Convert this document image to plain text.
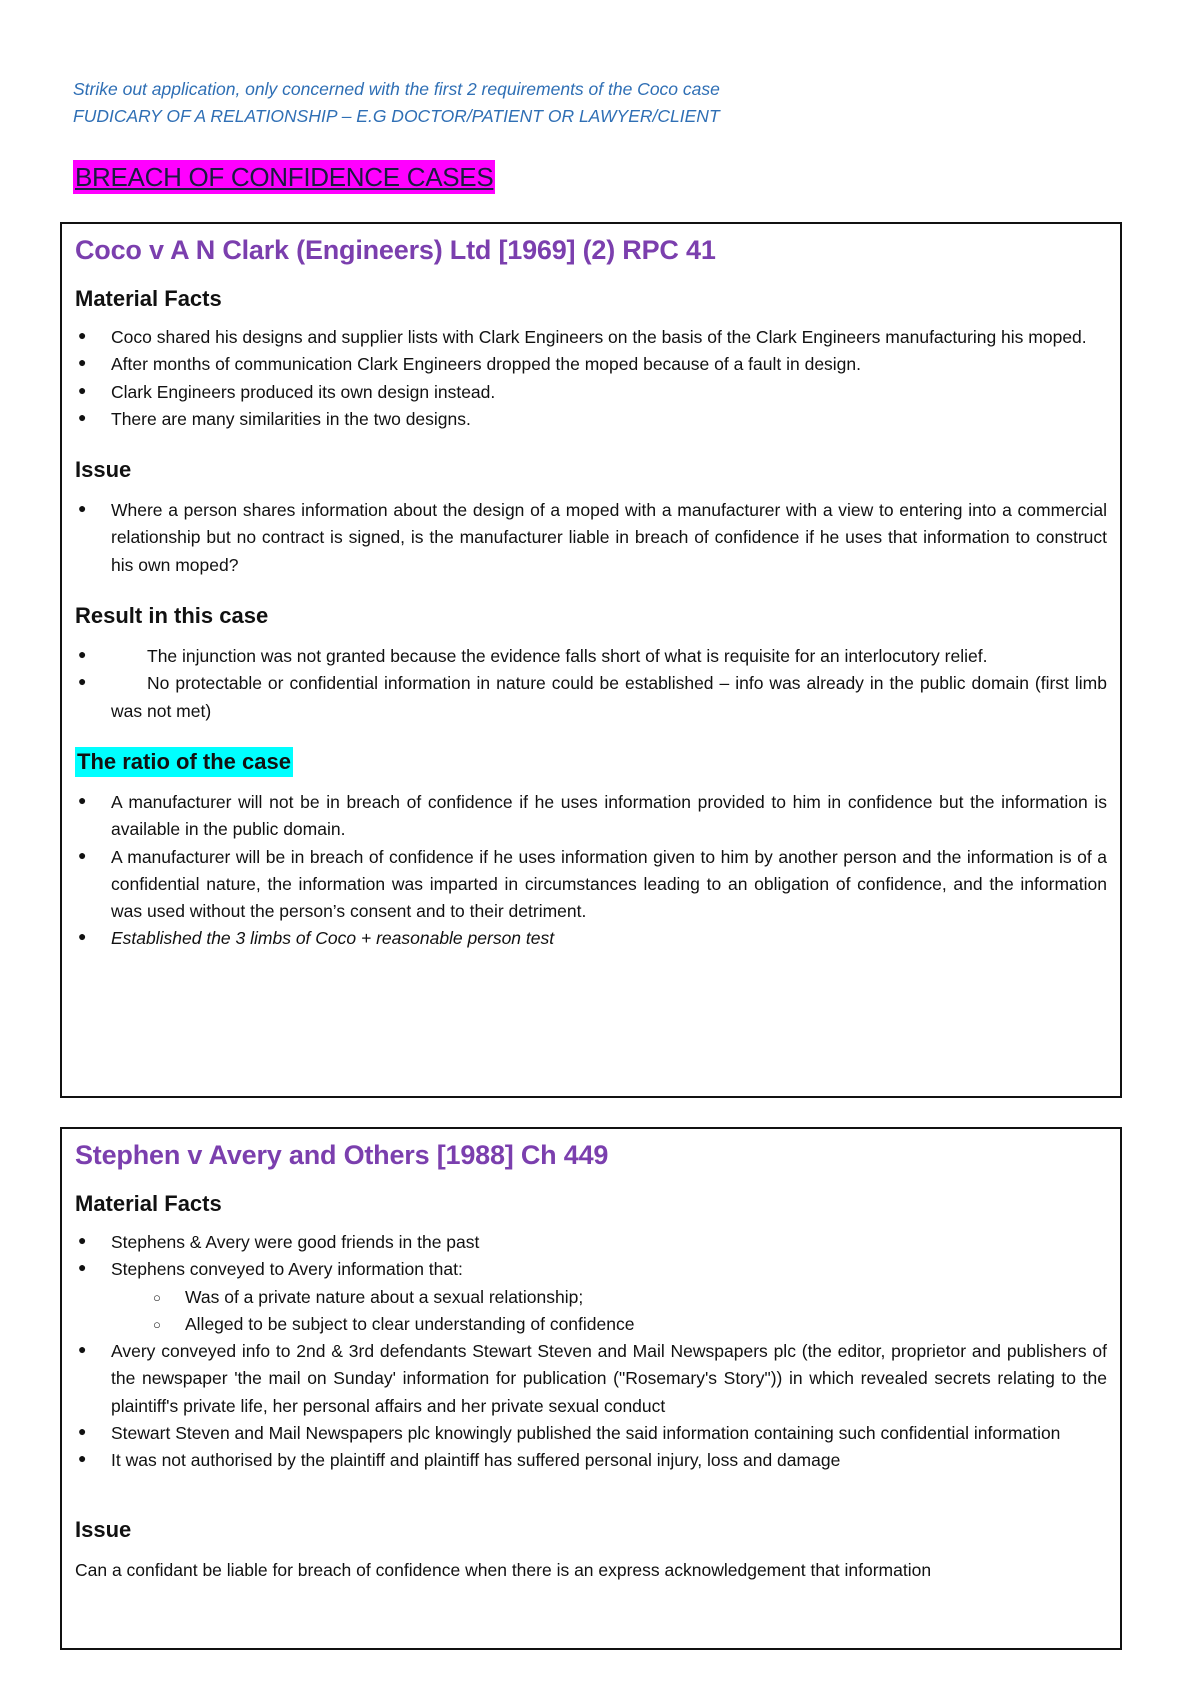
Strike out application, only concerned with the first 2 requirements of the Coco case
FUDICARY OF A RELATIONSHIP – E.G DOCTOR/PATIENT OR LAWYER/CLIENT
BREACH OF CONFIDENCE CASES
Coco v A N Clark (Engineers) Ltd [1969] (2) RPC 41
Material Facts
● Coco shared his designs and supplier lists with Clark Engineers on the basis of the Clark Engineers manufacturing his moped.
● After months of communication Clark Engineers dropped the moped because of a fault in design.
● Clark Engineers produced its own design instead.
● There are many similarities in the two designs.
Issue
● Where a person shares information about the design of a moped with a manufacturer with a view to entering into a commercial relationship but no contract is signed, is the manufacturer liable in breach of confidence if he uses that information to construct his own moped?
Result in this case
●	The injunction was not granted because the evidence falls short of what is requisite for an interlocutory relief.
●	No protectable or confidential information in nature could be established – info was already in the public domain (first limb was not met)
The ratio of the case
● A manufacturer will not be in breach of confidence if he uses information provided to him in confidence but the information is available in the public domain.
● A manufacturer will be in breach of confidence if he uses information given to him by another person and the information is of a confidential nature, the information was imparted in circumstances leading to an obligation of confidence, and the information was used without the person’s consent and to their detriment.
● Established the 3 limbs of Coco + reasonable person test
Stephen v Avery and Others [1988] Ch 449
Material Facts
● Stephens & Avery were good friends in the past
● Stephens conveyed to Avery information that:
○ Was of a private nature about a sexual relationship;
○ Alleged to be subject to clear understanding of confidence
● Avery conveyed info to 2nd & 3rd defendants Stewart Steven and Mail Newspapers plc (the editor, proprietor and publishers of the newspaper 'the mail on Sunday' information for publication ("Rosemary's Story")) in which revealed secrets relating to the plaintiff's private life, her personal affairs and her private sexual conduct
● Stewart Steven and Mail Newspapers plc knowingly published the said information containing such confidential information
● It was not authorised by the plaintiff and plaintiff has suffered personal injury, loss and damage
Issue
Can a confidant be liable for breach of confidence when there is an express acknowledgement that information
